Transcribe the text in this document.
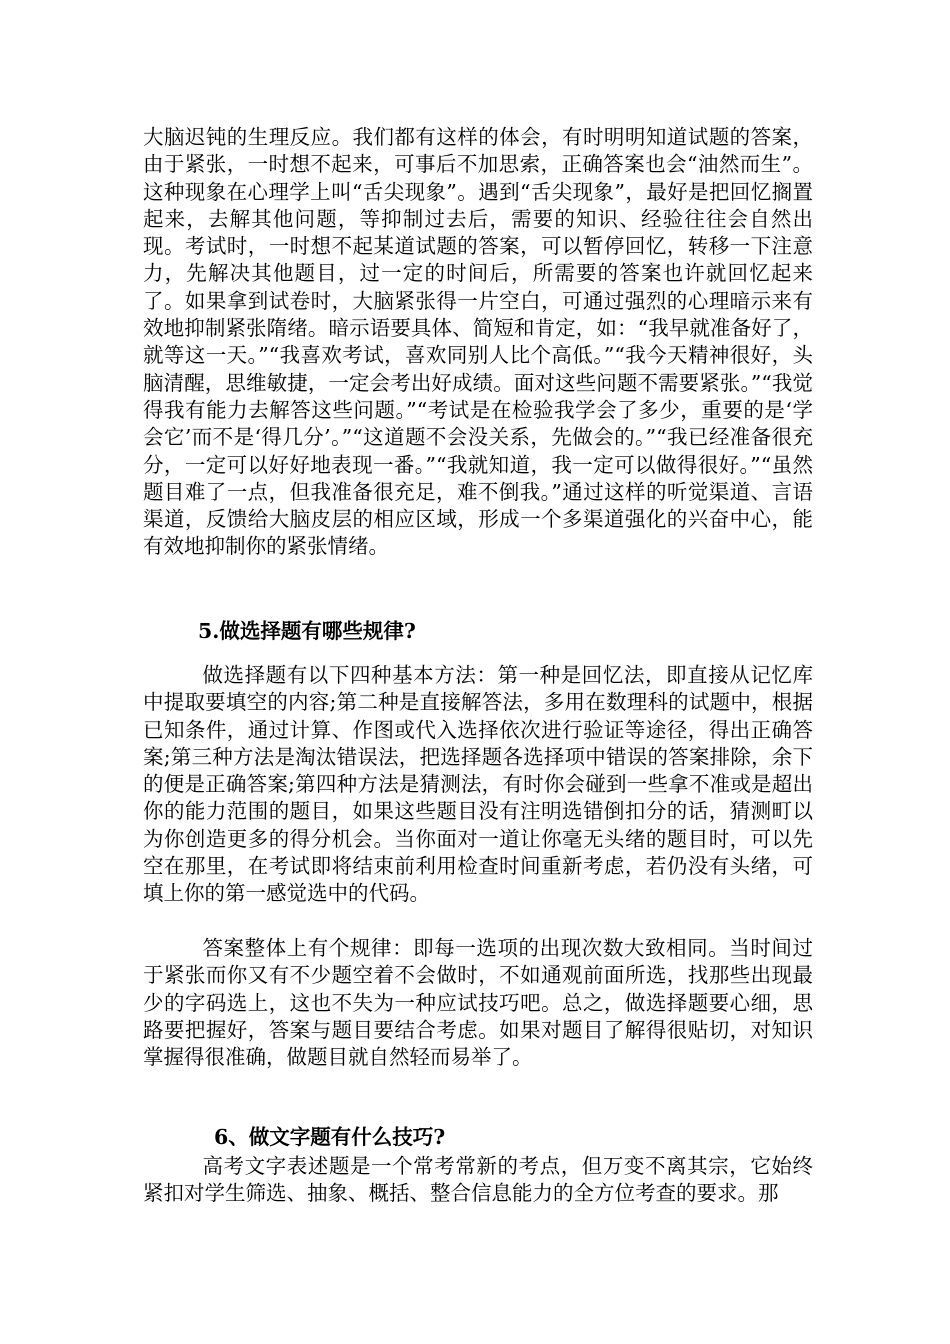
大脑迟钝的生理反应。我们都有这样的体会，有时明明知道试题的答案，由于紧张，一时想不起来，可事后不加思索，正确答案也会“油然而生”。这种现象在心理学上叫“舌尖现象”。遇到“舌尖现象”，最好是把回忆搁置起来，去解其他问题，等抑制过去后，需要的知识、经验往往会自然出现。考试时，一时想不起某道试题的答案，可以暂停回忆，转移一下注意力，先解决其他题目，过一定的时间后，所需要的答案也许就回忆起来了。如果拿到试卷时，大脑紧张得一片空白，可通过强烈的心理暗示来有效地抑制紧张隋绪。暗示语要具体、简短和肯定，如：“我早就准备好了，就等这一天。”“我喜欢考试，喜欢同别人比个高低。”“我今天精神很好，头脑清醒，思维敏捷，一定会考出好成绩。面对这些问题不需要紧张。”“我觉得我有能力去解答这些问题。”“考试是在检验我学会了多少，重要的是‘学会它’而不是‘得几分’。”“这道题不会没关系，先做会的。”“我已经准备很充分，一定可以好好地表现一番。”“我就知道，我一定可以做得很好。”“虽然题目难了一点，但我准备很充足，难不倒我。”通过这样的听觉渠道、言语渠道，反馈给大脑皮层的相应区域，形成一个多渠道强化的兴奋中心，能有效地抑制你的紧张情绪。

5.做选择题有哪些规律?

做选择题有以下四种基本方法：第一种是回忆法，即直接从记忆库中提取要填空的内容;第二种是直接解答法，多用在数理科的试题中，根据已知条件，通过计算、作图或代入选择依次进行验证等途径，得出正确答案;第三种方法是淘汰错误法，把选择题各选择项中错误的答案排除，余下的便是正确答案;第四种方法是猜测法，有时你会碰到一些拿不准或是超出你的能力范围的题目，如果这些题目没有注明选错倒扣分的话，猜测町以为你创造更多的得分机会。当你面对一道让你毫无头绪的题目时，可以先空在那里，在考试即将结束前利用检查时间重新考虑，若仍没有头绪，可填上你的第一感觉选中的代码。

答案整体上有个规律：即每一选项的出现次数大致相同。当时间过于紧张而你又有不少题空着不会做时，不如通观前面所选，找那些出现最少的字码选上，这也不失为一种应试技巧吧。总之，做选择题要心细，思路要把握好，答案与题目要结合考虑。如果对题目了解得很贴切，对知识掌握得很准确，做题目就自然轻而易举了。

6、做文字题有什么技巧?

高考文字表述题是一个常考常新的考点，但万变不离其宗，它始终紧扣对学生筛选、抽象、概括、整合信息能力的全方位考查的要求。那
